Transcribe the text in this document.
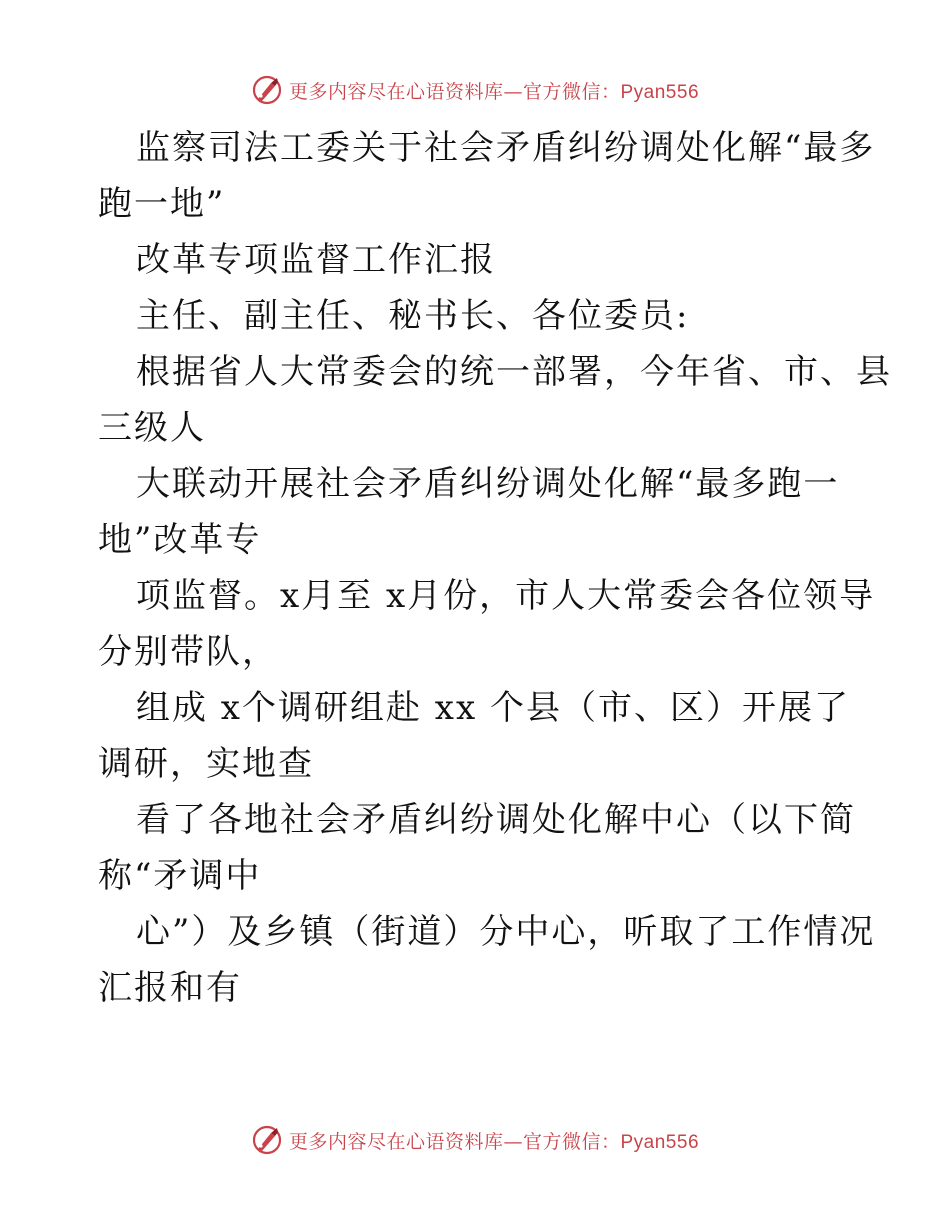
更多内容尽在心语资料库—官方微信：Pyan556
监察司法工委关于社会矛盾纠纷调处化解“最多
跑一地”
改革专项监督工作汇报
主任、副主任、秘书长、各位委员:
根据省人大常委会的统一部署，今年省、市、县
三级人
大联动开展社会矛盾纠纷调处化解“最多跑一
地”改革专
项监督。x月至 x月份，市人大常委会各位领导
分别带队，
组成 x个调研组赴 xx 个县（市、区）开展了
调研，实地查
看了各地社会矛盾纠纷调处化解中心（以下简
称“矛调中
心”）及乡镇（街道）分中心，听取了工作情况
汇报和有
更多内容尽在心语资料库—官方微信：Pyan556
